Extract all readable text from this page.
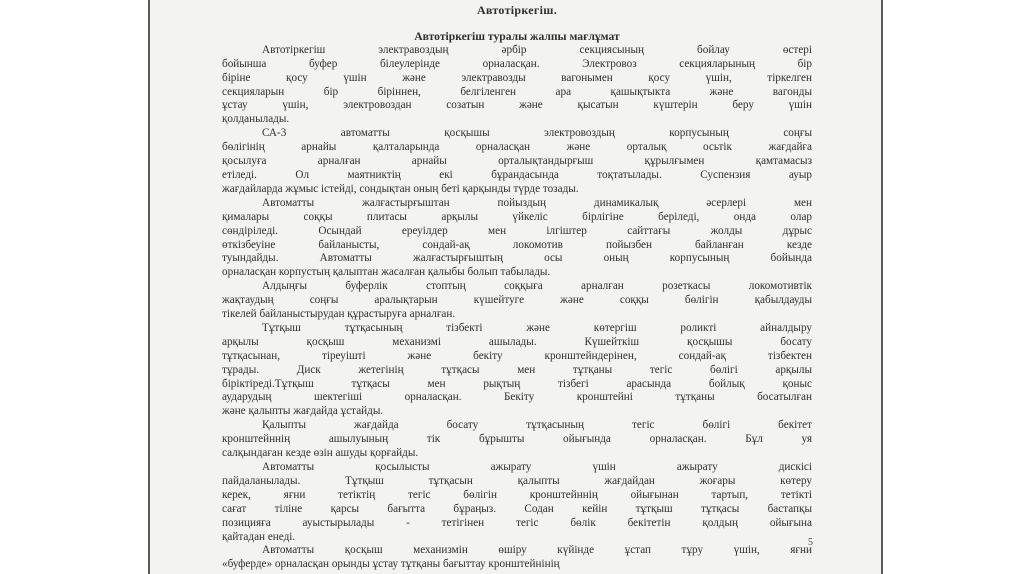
Автотіркегіш.
Автотіркегіш туралы жалпы мағлұмат
Автотіркегіш электравоздың әрбір секциясының бойлау өстері
бойынша буфер білеулерінде орналасқан. Электровоз секцияларының бір
біріне қосу үшін және электравозды вагонымен қосу үшін, тіркелген
секцияларын бір біріннен, белгіленген ара қашықтыкта және вагонды
ұстау үшін, электровоздан созатын және қысатын күштерін беру үшін
қолданылады.
СА-3 автоматты қосқышы электровоздың корпусының соңғы
бөлігінің арнайы қалталарында орналасқан және орталық осьтік жағдайға
қосылуға арналған арнайы орталықтандырғыш құрылғымен қамтамасыз
етіледі. Ол маятниктің екі бұрандасында тоқтатылады. Суспензия ауыр
жағдайларда жұмыс істейді, сондықтан оның беті қарқынды түрде тозады.
Автоматты жалғастырғыштан пойыздың динамикалық әсерлері мен
қималары соққы плитасы арқылы үйкеліс бірлігіне беріледі, онда олар
сөндіріледі. Осындай ереуілдер мен ілгіштер сайттағы жолды дұрыс
өткізбеуіне байланысты, сондай-ақ локомотив пойызбен байланған кезде
туындайды. Автоматты жалғастырғыштың осы оның корпусының бойында
орналасқан корпустың қалыптан жасалған қалыбы болып табылады.
Алдыңғы буферлік стоптың соққыға арналған розеткасы локомотивтік
жақтаудың соңғы аралықтарын күшейтуге және соққы бөлігін қабылдауды
тікелей байланыстырудан құрастыруға арналған.
Тұтқыш тұтқасының тізбекті және көтергіш роликті айналдыру
арқылы қосқыш механизмі ашылады. Күшейткіш қосқышы босату
тұтқасынан, тіреуішті және бекіту кронштейндерінен, сондай-ақ тізбектен
тұрады. Диск жетегінің тұтқасы мен тұтқаны тегіс бөлігі арқылы
біріктіреді.Тұтқыш тұтқасы мен рықтың тізбегі арасында бойлық қоныс
аударудың шектегіші орналасқан. Бекіту кронштейні тұтқаны босатылған
және қалыпты жағдайда ұстайды.
Қалыпты жағдайда босату тұтқасының тегіс бөлігі бекітет
кронштейннің ашылуының тік бұрышты ойығында орналасқан. Бұл уя
салқындаған кезде өзін ашуды қорғайды.
Автоматты қосылысты ажырату үшін ажырату дискісі
пайдаланылады. Тұтқыш тұтқасын қалыпты жағдайдан жоғары көтеру
керек, яғни тетіктің тегіс бөлігін кронштейннің ойығынан тартып, тетікті
сағат тіліне қарсы бағытта бұраңыз. Содан кейін тұтқыш тұтқасы бастапқы
позицияға ауыстырылады - тетігінен тегіс бөлік бекітетін қолдың ойығына
қайтадан енеді.
Автоматты қосқыш механизмін өшіру күйінде ұстап тұру үшін, яғни
«буферде» орналасқан орынды ұстау тұтқаны бағыттау кронштейнінің
5
